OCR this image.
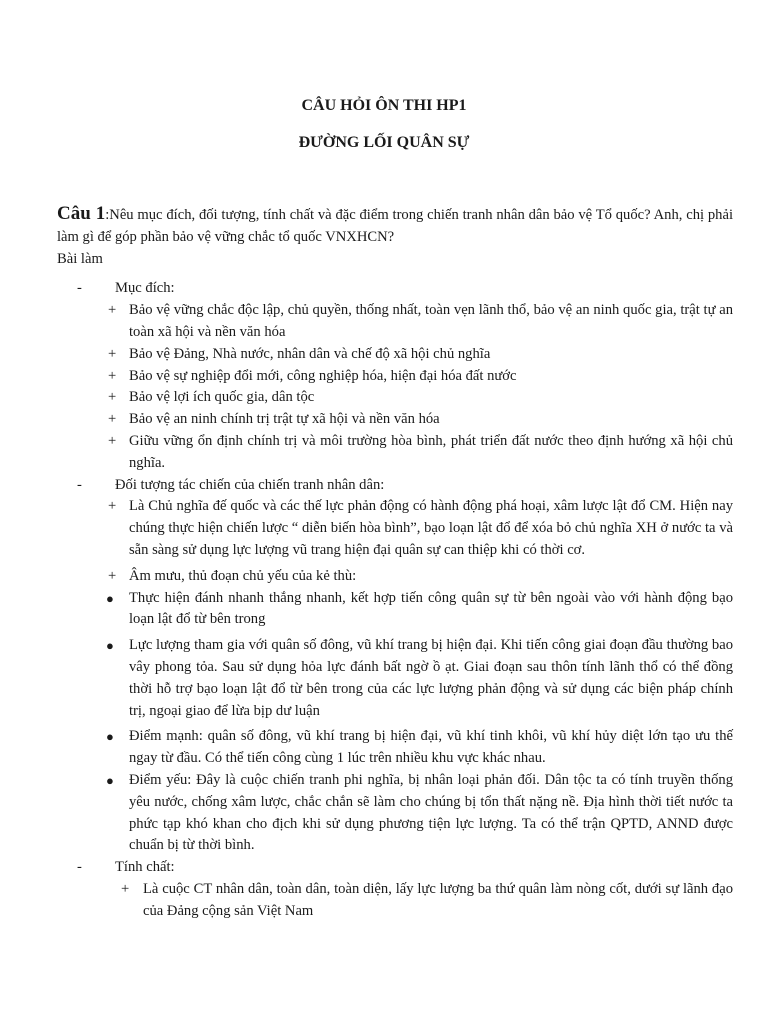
CÂU HỎI ÔN THI HP1
ĐƯỜNG LỐI QUÂN SỰ
Câu 1:Nêu mục đích, đối tượng, tính chất và đặc điểm trong chiến tranh nhân dân bảo vệ Tổ quốc? Anh, chị phải làm gì để góp phần bảo vệ vững chắc tổ quốc VNXHCN?
Bài làm
- Mục đích:
+ Bảo vệ vững chắc độc lập, chủ quyền, thống nhất, toàn vẹn lãnh thổ, bảo vệ an ninh quốc gia, trật tự an toàn xã hội và nền văn hóa
+ Bảo vệ Đảng, Nhà nước, nhân dân và chế độ xã hội chủ nghĩa
+ Bảo vệ sự nghiệp đổi mới, công nghiệp hóa, hiện đại hóa đất nước
+ Bảo vệ lợi ích quốc gia, dân tộc
+ Bảo vệ an ninh chính trị trật tự xã hội và nền văn hóa
+ Giữu vững ổn định chính trị và môi trường hòa bình, phát triển đất nước theo định hướng xã hội chủ nghĩa.
- Đối tượng tác chiến của chiến tranh nhân dân:
+ Là Chủ nghĩa đế quốc và các thế lực phản động có hành động phá hoại, xâm lược lật đổ CM. Hiện nay chúng thực hiện chiến lược “ diễn biến hòa bình”, bạo loạn lật đổ để xóa bỏ chủ nghĩa XH ở nước ta và sẵn sàng sử dụng lực lượng vũ trang hiện đại quân sự can thiệp khi có thời cơ.
+ Âm mưu, thủ đoạn chủ yếu của kẻ thù:
● Thực hiện đánh nhanh thắng nhanh, kết hợp tiến công quân sự từ bên ngoài vào với hành động bạo loạn lật đổ từ bên trong
● Lực lượng tham gia với quân số đông, vũ khí trang bị hiện đại. Khi tiến công giai đoạn đầu thường bao vây phong tỏa. Sau sử dụng hỏa lực đánh bất ngờ ồ ạt. Giai đoạn sau thôn tính lãnh thổ có thể đồng thời hỗ trợ bạo loạn lật đổ từ bên trong của các lực lượng phản động và sử dụng các biện pháp chính trị, ngoại giao để lừa bịp dư luận
● Điểm mạnh: quân số đông, vũ khí trang bị hiện đại, vũ khí tinh khôi, vũ khí hủy diệt lớn tạo ưu thế ngay từ đầu. Có thể tiến công cùng 1 lúc trên nhiều khu vực khác nhau.
● Điểm yếu: Đây là cuộc chiến tranh phi nghĩa, bị nhân loại phản đối. Dân tộc ta có tính truyền thống yêu nước, chống xâm lược, chắc chắn sẽ làm cho chúng bị tổn thất nặng nề. Địa hình thời tiết nước ta phức tạp khó khan cho địch khi sử dụng phương tiện lực lượng. Ta có thể trận QPTD, ANND được chuẩn bị từ thời bình.
- Tính chất:
+ Là cuộc CT nhân dân, toàn dân, toàn diện, lấy lực lượng ba thứ quân làm nòng cốt, dưới sự lãnh đạo của Đảng cộng sản Việt Nam
